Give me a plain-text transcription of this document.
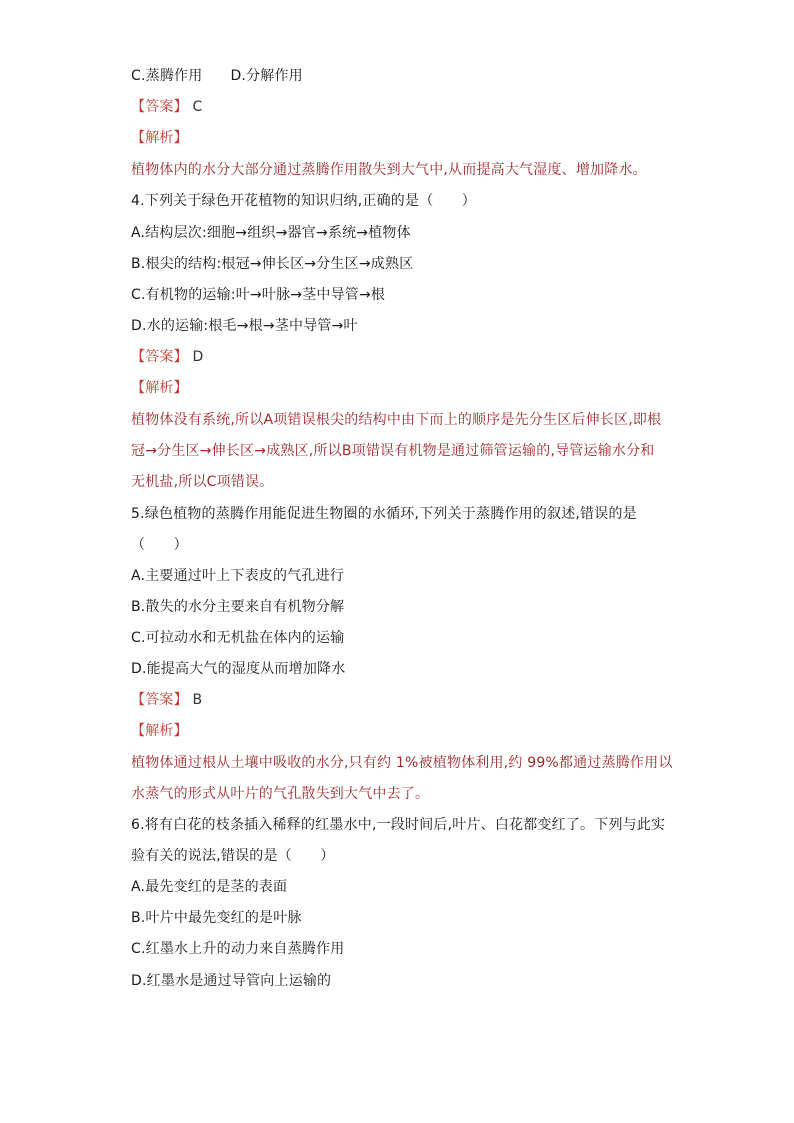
C.蒸腾作用 D.分解作用
【答案】 C
【解析】
植物体内的水分大部分通过蒸腾作用散失到大气中,从而提高大气湿度、增加降水。
4.下列关于绿色开花植物的知识归纳,正确的是（　　）
A.结构层次:细胞→组织→器官→系统→植物体
B.根尖的结构:根冠→伸长区→分生区→成熟区
C.有机物的运输:叶→叶脉→茎中导管→根
D.水的运输:根毛→根→茎中导管→叶
【答案】 D
【解析】
植物体没有系统,所以A项错误根尖的结构中由下而上的顺序是先分生区后伸长区,即根
冠→分生区→伸长区→成熟区,所以B项错误有机物是通过筛管运输的,导管运输水分和
无机盐,所以C项错误。
5.绿色植物的蒸腾作用能促进生物圈的水循环,下列关于蒸腾作用的叙述,错误的是
（　　）
A.主要通过叶上下表皮的气孔进行
B.散失的水分主要来自有机物分解
C.可拉动水和无机盐在体内的运输
D.能提高大气的湿度从而增加降水
【答案】 B
【解析】
植物体通过根从土壤中吸收的水分,只有约 1%被植物体利用,约 99%都通过蒸腾作用以
水蒸气的形式从叶片的气孔散失到大气中去了。
6.将有白花的枝条插入稀释的红墨水中,一段时间后,叶片、白花都变红了。下列与此实
验有关的说法,错误的是（　　）
A.最先变红的是茎的表面
B.叶片中最先变红的是叶脉
C.红墨水上升的动力来自蒸腾作用
D.红墨水是通过导管向上运输的
